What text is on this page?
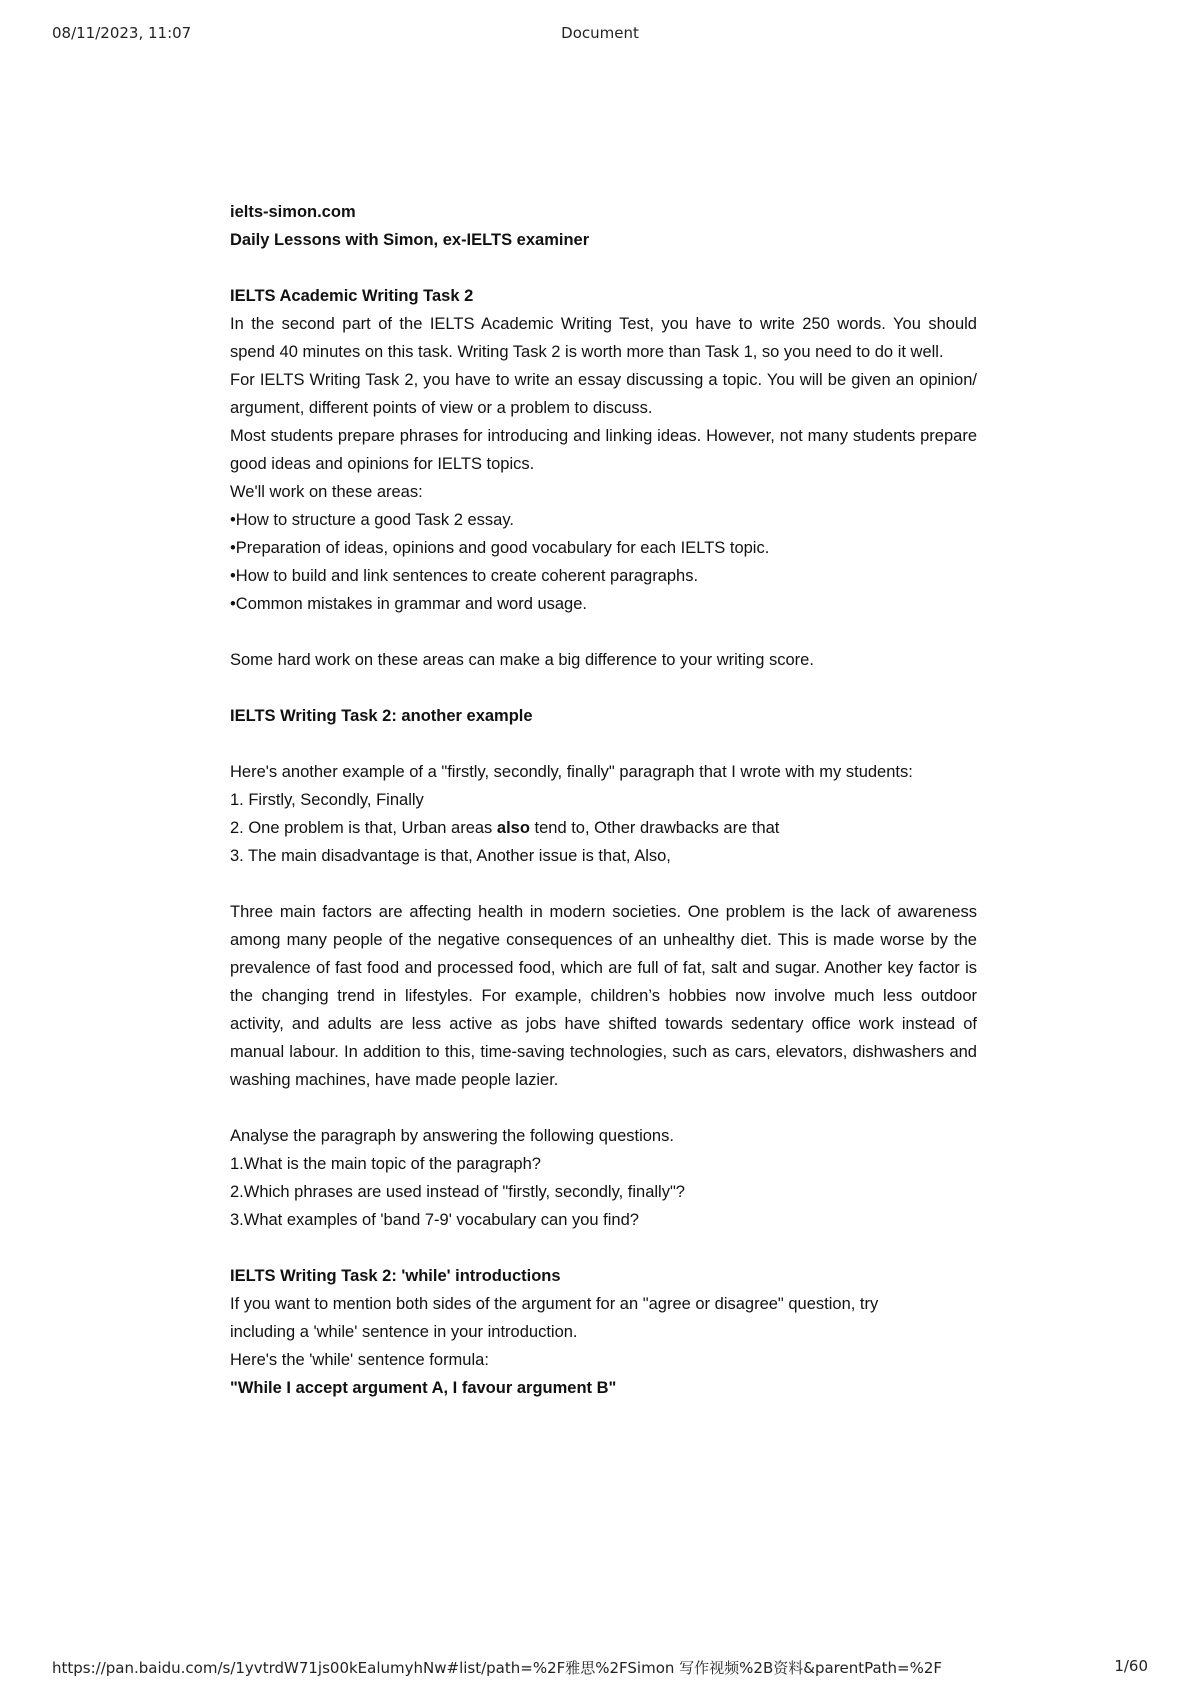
08/11/2023, 11:07	Document
ielts-simon.com
Daily Lessons with Simon, ex-IELTS examiner
IELTS Academic Writing Task 2
In the second part of the IELTS Academic Writing Test, you have to write 250 words. You should spend 40 minutes on this task. Writing Task 2 is worth more than Task 1, so you need to do it well.
For IELTS Writing Task 2, you have to write an essay discussing a topic. You will be given an opinion/ argument, different points of view or a problem to discuss.
Most students prepare phrases for introducing and linking ideas. However, not many students prepare good ideas and opinions for IELTS topics.
We'll work on these areas:
•How to structure a good Task 2 essay.
•Preparation of ideas, opinions and good vocabulary for each IELTS topic.
•How to build and link sentences to create coherent paragraphs.
•Common mistakes in grammar and word usage.
Some hard work on these areas can make a big difference to your writing score.
IELTS Writing Task 2: another example
Here's another example of a "firstly, secondly, finally" paragraph that I wrote with my students:
1. Firstly, Secondly, Finally
2. One problem is that, Urban areas also tend to, Other drawbacks are that
3. The main disadvantage is that, Another issue is that, Also,
Three main factors are affecting health in modern societies. One problem is the lack of awareness among many people of the negative consequences of an unhealthy diet. This is made worse by the prevalence of fast food and processed food, which are full of fat, salt and sugar. Another key factor is the changing trend in lifestyles. For example, children’s hobbies now involve much less outdoor activity, and adults are less active as jobs have shifted towards sedentary office work instead of manual labour. In addition to this, time-saving technologies, such as cars, elevators, dishwashers and washing machines, have made people lazier.
Analyse the paragraph by answering the following questions.
1.What is the main topic of the paragraph?
2.Which phrases are used instead of "firstly, secondly, finally"?
3.What examples of 'band 7-9' vocabulary can you find?
IELTS Writing Task 2: 'while' introductions
If you want to mention both sides of the argument for an "agree or disagree" question, try including a 'while' sentence in your introduction.
Here's the 'while' sentence formula:
"While I accept argument A, I favour argument B"
https://pan.baidu.com/s/1yvtrdW71js00kEalumyhNw#list/path=%2F雅思%2FSimon 写作视频%2B资料&parentPath=%2F	1/60
